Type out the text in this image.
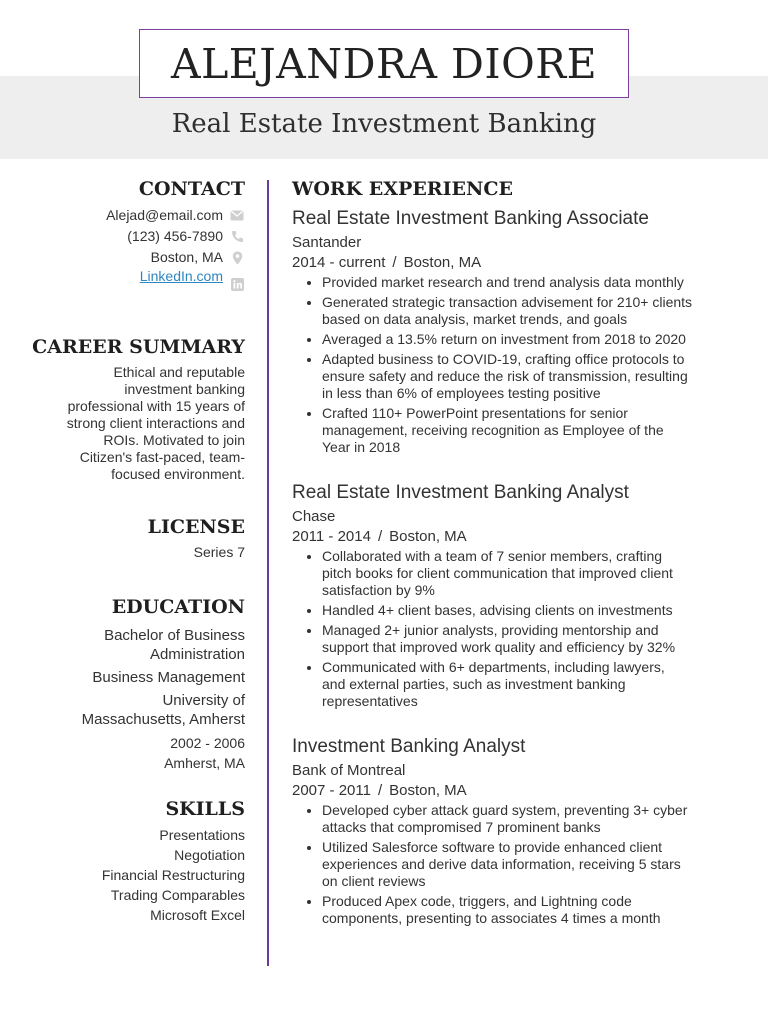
ALEJANDRA DIORE
Real Estate Investment Banking
CONTACT
Alejad@email.com
(123) 456-7890
Boston, MA
LinkedIn.com
CAREER SUMMARY
Ethical and reputable
investment banking
professional with 15 years of
strong client interactions and
ROIs. Motivated to join
Citizen's fast-paced, team-
focused environment.
LICENSE
Series 7
EDUCATION
Bachelor of Business
Administration
Business Management
University of
Massachusetts, Amherst
2002 - 2006
Amherst, MA
SKILLS
Presentations
Negotiation
Financial Restructuring
Trading Comparables
Microsoft Excel
WORK EXPERIENCE
Real Estate Investment Banking Associate
Santander
2014 - current / Boston, MA
• Provided market research and trend analysis data monthly
• Generated strategic transaction advisement for 210+ clients
based on data analysis, market trends, and goals
• Averaged a 13.5% return on investment from 2018 to 2020
• Adapted business to COVID-19, crafting office protocols to
ensure safety and reduce the risk of transmission, resulting
in less than 6% of employees testing positive
• Crafted 110+ PowerPoint presentations for senior
management, receiving recognition as Employee of the
Year in 2018
Real Estate Investment Banking Analyst
Chase
2011 - 2014 / Boston, MA
• Collaborated with a team of 7 senior members, crafting
pitch books for client communication that improved client
satisfaction by 9%
• Handled 4+ client bases, advising clients on investments
• Managed 2+ junior analysts, providing mentorship and
support that improved work quality and efficiency by 32%
• Communicated with 6+ departments, including lawyers,
and external parties, such as investment banking
representatives
Investment Banking Analyst
Bank of Montreal
2007 - 2011 / Boston, MA
• Developed cyber attack guard system, preventing 3+ cyber
attacks that compromised 7 prominent banks
• Utilized Salesforce software to provide enhanced client
experiences and derive data information, receiving 5 stars
on client reviews
• Produced Apex code, triggers, and Lightning code
components, presenting to associates 4 times a month
